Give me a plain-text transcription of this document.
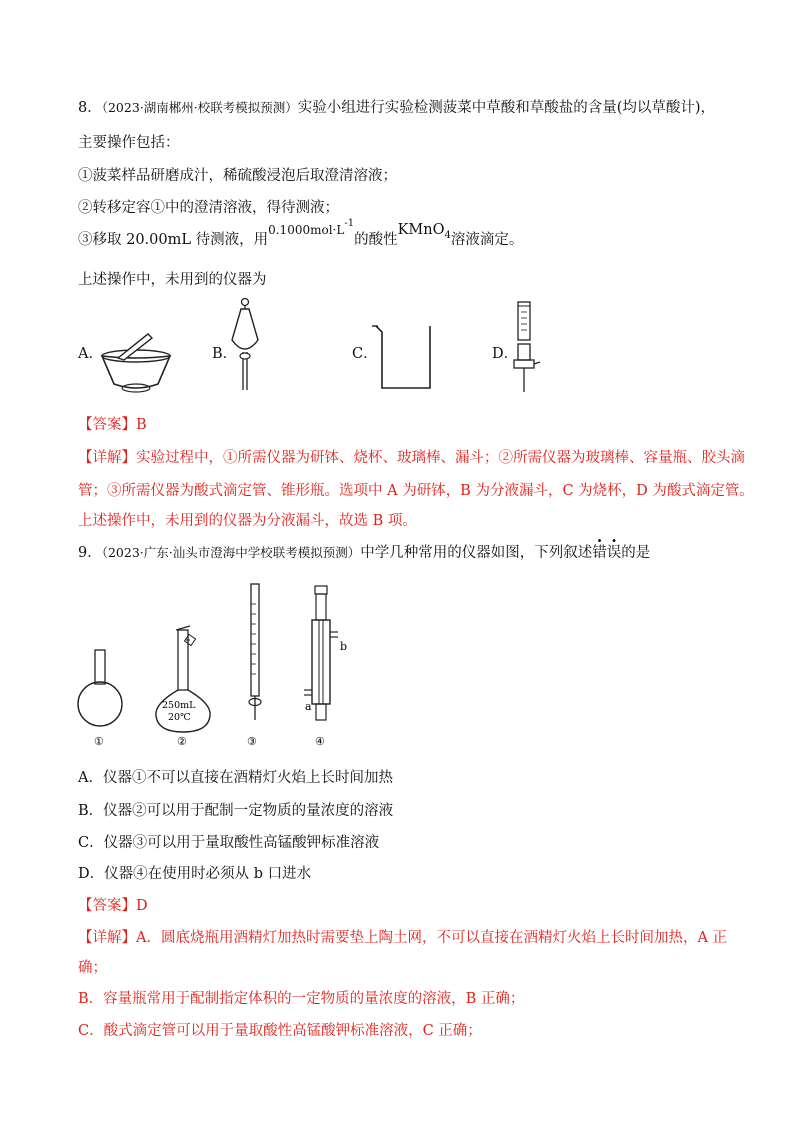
8．（2023·湖南郴州·校联考模拟预测）实验小组进行实验检测菠菜中草酸和草酸盐的含量(均以草酸计)，
主要操作包括：
①菠菜样品研磨成汁，稀硫酸浸泡后取澄清溶液；
②转移定容①中的澄清溶液，得待测液；
③移取 20.00mL 待测液，用$^{0.1000mol\cdot L^{-1}}$的酸性KMnO$_4$溶液滴定。
上述操作中，未用到的仪器为
A．	B．	C．	D．
【答案】B
【详解】实验过程中，①所需仪器为研钵、烧杯、玻璃棒、漏斗；②所需仪器为玻璃棒、容量瓶、胶头滴
管；③所需仪器为酸式滴定管、锥形瓶。选项中 A 为研钵，B 为分液漏斗，C 为烧杯，D 为酸式滴定管。
上述操作中，未用到的仪器为分液漏斗，故选 B 项。
9．（2023·广东·汕头市澄海中学校联考模拟预测）中学几种常用的仪器如图，下列叙述错误的是
①
250mL
20℃
②	③
b
a
④
A．仪器①不可以直接在酒精灯火焰上长时间加热
B．仪器②可以用于配制一定物质的量浓度的溶液
C．仪器③可以用于量取酸性高锰酸钾标准溶液
D．仪器④在使用时必须从 b 口进水
【答案】D
【详解】A．圆底烧瓶用酒精灯加热时需要垫上陶土网，不可以直接在酒精灯火焰上长时间加热，A 正
确；
B．容量瓶常用于配制指定体积的一定物质的量浓度的溶液，B 正确；
C．酸式滴定管可以用于量取酸性高锰酸钾标准溶液，C 正确；
